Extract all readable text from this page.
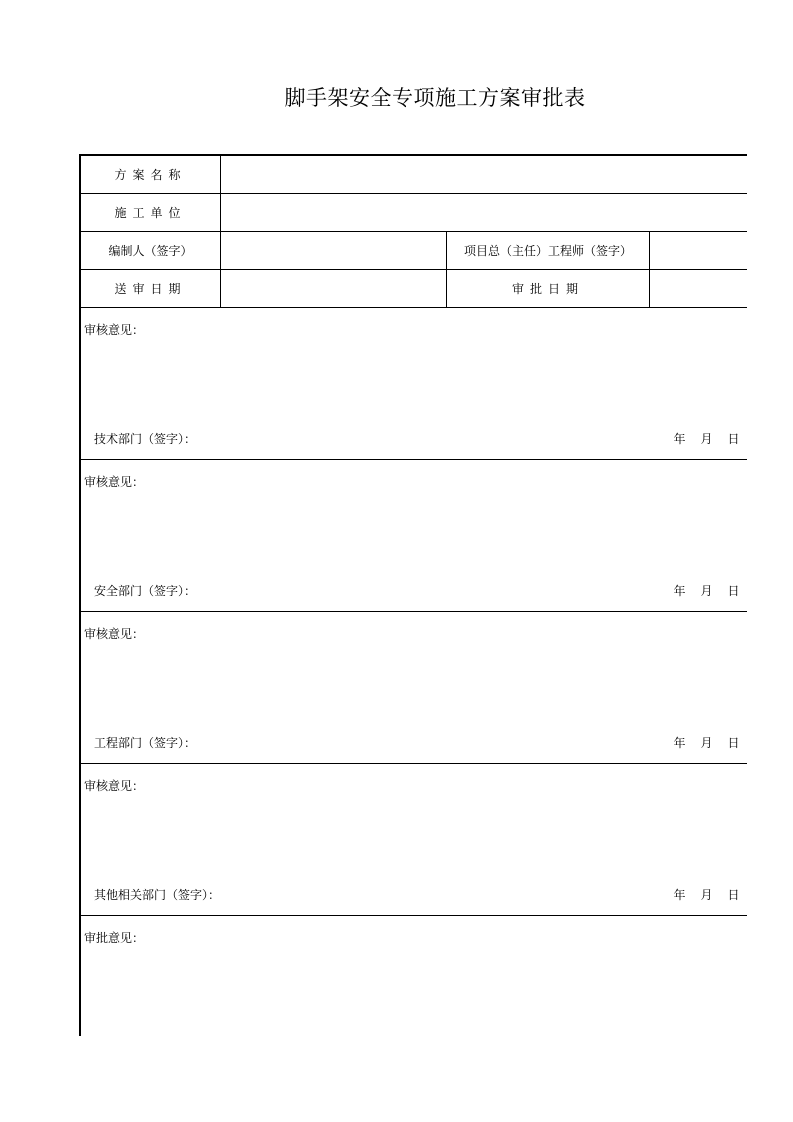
脚手架安全专项施工方案审批表
方案名称
施工单位
编制人（签字）	项目总（主任）工程师（签字）
送审日期	审批日期
审核意见：
技术部门（签字）：	年	月	日
审核意见：
安全部门（签字）：	年	月	日
审核意见：
工程部门（签字）：	年	月	日
审核意见：
其他相关部门（签字）：	年	月	日
审批意见：
